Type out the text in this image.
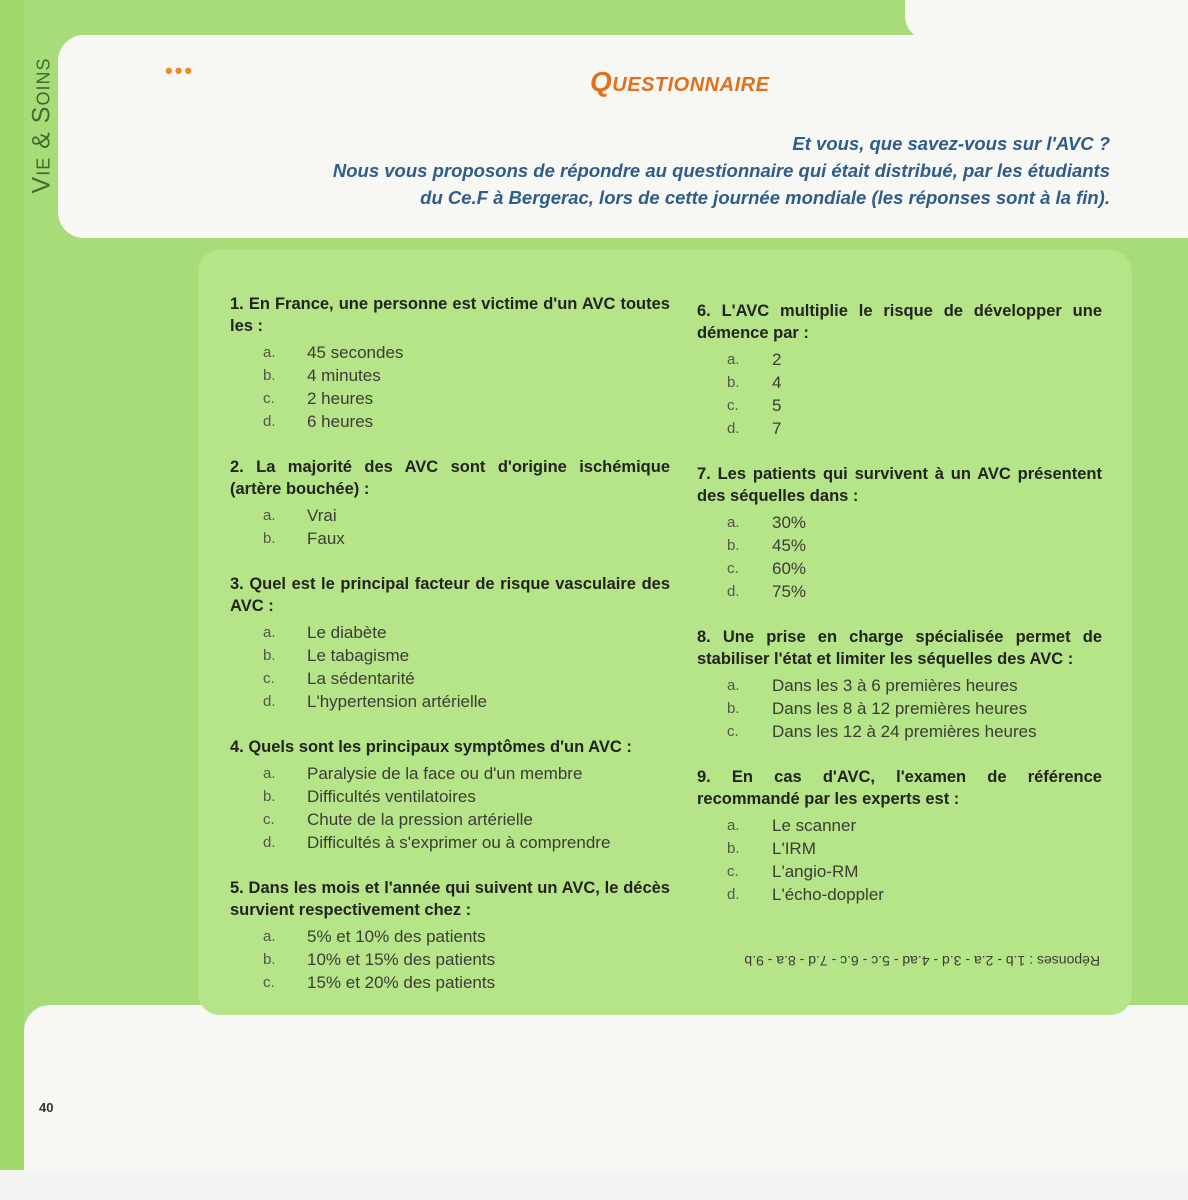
Vie & Soins	•••	Questionnaire
Et vous, que savez-vous sur l'AVC ?
Nous vous proposons de répondre au questionnaire qui était distribué, par les étudiants
du Ce.F à Bergerac, lors de cette journée mondiale (les réponses sont à la fin).
1. En France, une personne est victime d'un AVC toutes les :
a.	45 secondes
b.	4 minutes
c.	2 heures
d.	6 heures
2. La majorité des AVC sont d'origine ischémique (artère bouchée) :
a.	Vrai
b.	Faux
3. Quel est le principal facteur de risque vasculaire des AVC :
a.	Le diabète
b.	Le tabagisme
c.	La sédentarité
d.	L'hypertension artérielle
4. Quels sont les principaux symptômes d'un AVC :
a.	Paralysie de la face ou d'un membre
b.	Difficultés ventilatoires
c.	Chute de la pression artérielle
d.	Difficultés à s'exprimer ou à comprendre
5. Dans les mois et l'année qui suivent un AVC, le décès survient respectivement chez :
a.	5% et 10% des patients
b.	10% et 15% des patients
c.	15% et 20% des patients
6. L'AVC multiplie le risque de développer une démence par :
a.	2
b.	4
c.	5
d.	7
7. Les patients qui survivent à un AVC présentent des séquelles dans :
a.	30%
b.	45%
c.	60%
d.	75%
8. Une prise en charge spécialisée permet de stabiliser l'état et limiter les séquelles des AVC :
a.	Dans les 3 à 6 premières heures
b.	Dans les 8 à 12 premières heures
c.	Dans les 12 à 24 premières heures
9. En cas d'AVC, l'examen de référence recommandé par les experts est :
a.	Le scanner
b.	L'IRM
c.	L'angio-RM
d.	L'écho-doppler
Réponses : 1.b - 2.a - 3.d - 4.ad - 5.c - 6.c - 7.d - 8.a - 9.b
40
